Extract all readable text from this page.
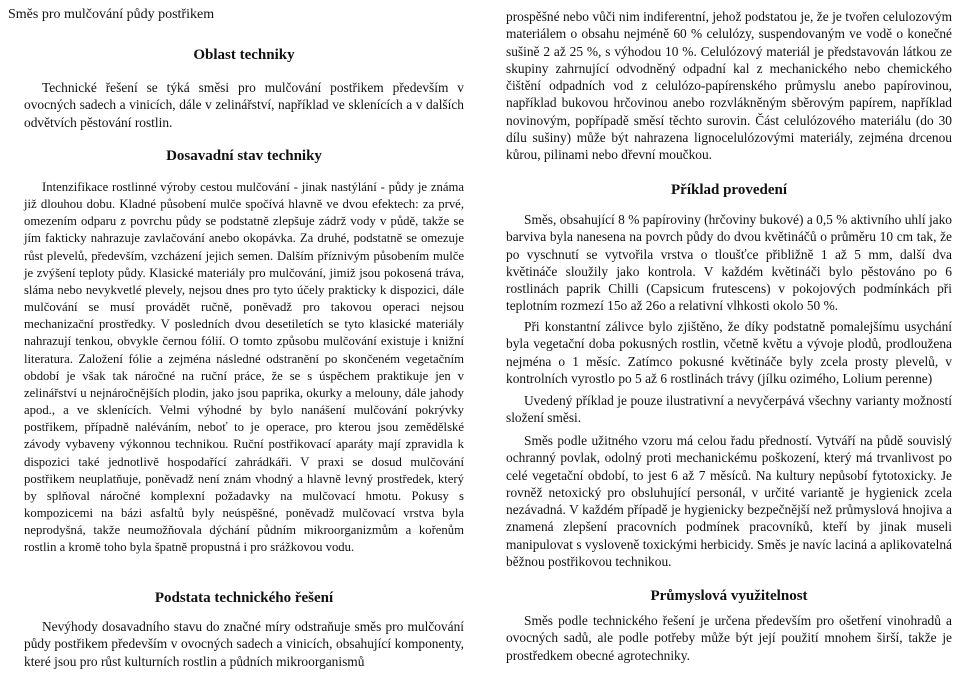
Směs pro mulčování půdy postřikem
Oblast techniky

Technické řešení se týká směsi pro mulčování postřikem především v ovocných sadech a vinicích, dále v zelinářství, například ve sklenících a v dalších odvětvích pěstování rostlin.

Dosavadní stav techniky

Intenzifikace rostlinné výroby cestou mulčování - jinak nastýlání - půdy je známa již dlouhou dobu. Kladné působení mulče spočívá hlavně ve dvou efektech: za prvé, omezením odparu z povrchu půdy se podstatně zlepšuje zádrž vody v půdě, takže se jím fakticky nahrazuje zavlačování anebo okopávka. Za druhé, podstatně se omezuje růst plevelů, především, vzcházení jejich semen. Dalším příznivým působením mulče je zvýšení teploty půdy. Klasické materiály pro mulčování, jimiž jsou pokosená tráva, sláma nebo nevykvetlé plevely, nejsou dnes pro tyto účely prakticky k dispozici, dále mulčování se musí provádět ručně, poněvadž pro takovou operaci nejsou mechanizační prostředky. V posledních dvou desetiletích se tyto klasické materiály nahrazují tenkou, obvykle černou fólií. O tomto způsobu mulčování existuje i knižní literatura. Založení fólie a zejména následné odstranění po skončeném vegetačním období je však tak náročné na ruční práce, že se s úspěchem praktikuje jen v zelinářství u nejnáročnějších plodin, jako jsou paprika, okurky a melouny, dále jahody apod., a ve sklenících. Velmi výhodné by bylo nanášení mulčování pokrývky postřikem, případně naléváním, neboť to je operace, pro kterou jsou zemědělské závody vybaveny výkonnou technikou. Ruční postřikovací aparáty mají zpravidla k dispozici také jednotlivě hospodařící zahrádkáři. V praxi se dosud mulčování postřikem neuplatňuje, poněvadž není znám vhodný a hlavně levný prostředek, který by splňoval náročné komplexní požadavky na mulčovací hmotu. Pokusy s kompozicemi na bázi asfaltů byly neúspěšné, poněvadž mulčovací vrstva byla neprodyšná, takže neumožňovala dýchání půdním mikroorganizmům a kořenům rostlin a kromě toho byla špatně propustná i pro srážkovou vodu.

Podstata technického řešení

Nevýhody dosavadního stavu do značné míry odstraňuje směs pro mulčování půdy postřikem především v ovocných sadech a vinicích, obsahující komponenty, které jsou pro růst kulturních rostlin a půdních mikroorganismů

prospěšné nebo vůči nim indiferentní, jehož podstatou je, že je tvořen celulozovým materiálem o obsahu nejméně 60 % celulózy, suspendovaným ve vodě o konečné sušině 2 až 25 %, s výhodou 10 %. Celulózový materiál je představován látkou ze skupiny zahrnující odvodněný odpadní kal z mechanického nebo chemického čištění odpadních vod z celulózo-papírenského průmyslu anebo papírovinou, například bukovou hrčovinou anebo rozvlákněným sběrovým papírem, například novinovým, popřípadě směsí těchto surovin. Část celulózového materiálu (do 30 dílu sušiny) může být nahrazena lignocelulózovými materiály, zejména drcenou kůrou, pilinami nebo dřevní moučkou.

Příklad provedení

Směs, obsahující 8 % papíroviny (hrčoviny bukové) a 0,5 % aktivního uhlí jako barviva byla nanesena na povrch půdy do dvou květináčů o průměru 10 cm tak, že po vyschnutí se vytvořila vrstva o tloušťce přibližně 1 až 5 mm, další dva květináče sloužily jako kontrola. V každém květináči bylo pěstováno po 6 rostlinách paprik Chilli (Capsicum frutescens) v pokojových podmínkách při teplotním rozmezí 15o až 26o a relativní vlhkosti okolo 50 %.

Při konstantní zálivce bylo zjištěno, že díky podstatně pomalejšímu usychání byla vegetační doba pokusných rostlin, včetně květu a vývoje plodů, prodloužena nejména o 1 měsíc. Zatímco pokusné květináče byly zcela prosty plevelů, v kontrolních vyrostlo po 5 až 6 rostlinách trávy (jílku ozimého, Lolium perenne)

Uvedený příklad je pouze ilustrativní a nevyčerpává všechny varianty možností složení směsi.

Směs podle užitného vzoru má celou řadu předností. Vytváří na půdě souvislý ochranný povlak, odolný proti mechanickému poškození, který má trvanlivost po celé vegetační období, to jest 6 až 7 měsíců. Na kultury nepůsobí fytotoxicky. Je rovněž netoxický pro obsluhující personál, v určité variantě je hygienick zcela nezávadná. V každém případě je hygienicky bezpečnější než průmyslová hnojiva a znamená zlepšení pracovních podmínek pracovníků, kteří by jinak museli manipulovat s vysloveně toxickými herbicidy. Směs je navíc laciná a aplikovatelná běžnou postřikovou technikou.

Průmyslová využitelnost

Směs podle technického řešení je určena především pro ošetření vinohradů a ovocných sadů, ale podle potřeby může být její použití mnohem širší, takže je prostředkem obecné agrotechniky.
